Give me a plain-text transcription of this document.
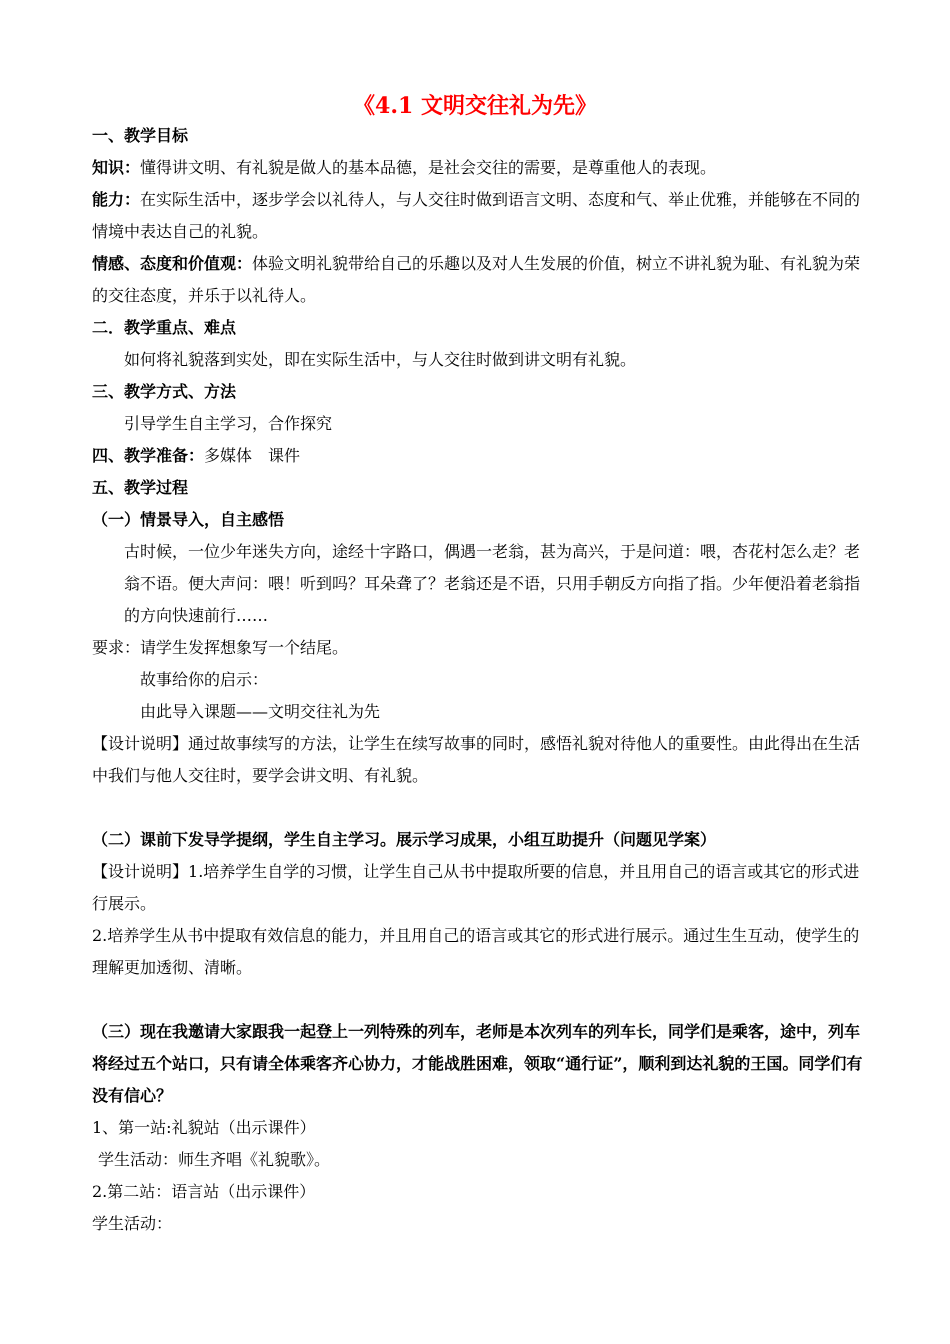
《4.1 文明交往礼为先》

一、教学目标

知识：懂得讲文明、有礼貌是做人的基本品德，是社会交往的需要，是尊重他人的表现。

能力：在实际生活中，逐步学会以礼待人，与人交往时做到语言文明、态度和气、举止优雅，并能够在不同的情境中表达自己的礼貌。

情感、态度和价值观：体验文明礼貌带给自己的乐趣以及对人生发展的价值，树立不讲礼貌为耻、有礼貌为荣的交往态度，并乐于以礼待人。

二．教学重点、难点

如何将礼貌落到实处，即在实际生活中，与人交往时做到讲文明有礼貌。

三、教学方式、方法

引导学生自主学习，合作探究

四、教学准备：多媒体　课件

五、教学过程

（一）情景导入，自主感悟

古时候，一位少年迷失方向，途经十字路口，偶遇一老翁，甚为高兴，于是问道：喂，杏花村怎么走？老翁不语。便大声问：喂！听到吗？耳朵聋了？老翁还是不语，只用手朝反方向指了指。少年便沿着老翁指的方向快速前行……

要求：请学生发挥想象写一个结尾。

故事给你的启示：

由此导入课题——文明交往礼为先

【设计说明】通过故事续写的方法，让学生在续写故事的同时，感悟礼貌对待他人的重要性。由此得出在生活中我们与他人交往时，要学会讲文明、有礼貌。

（二）课前下发导学提纲，学生自主学习。展示学习成果，小组互助提升（问题见学案）

【设计说明】1.培养学生自学的习惯，让学生自己从书中提取所要的信息，并且用自己的语言或其它的形式进行展示。

2.培养学生从书中提取有效信息的能力，并且用自己的语言或其它的形式进行展示。通过生生互动，使学生的理解更加透彻、清晰。

（三）现在我邀请大家跟我一起登上一列特殊的列车，老师是本次列车的列车长，同学们是乘客，途中，列车将经过五个站口，只有请全体乘客齐心协力，才能战胜困难，领取“通行证”，顺利到达礼貌的王国。同学们有没有信心？

1、第一站:礼貌站（出示课件）

学生活动：师生齐唱《礼貌歌》。

2.第二站：语言站（出示课件）

学生活动：
